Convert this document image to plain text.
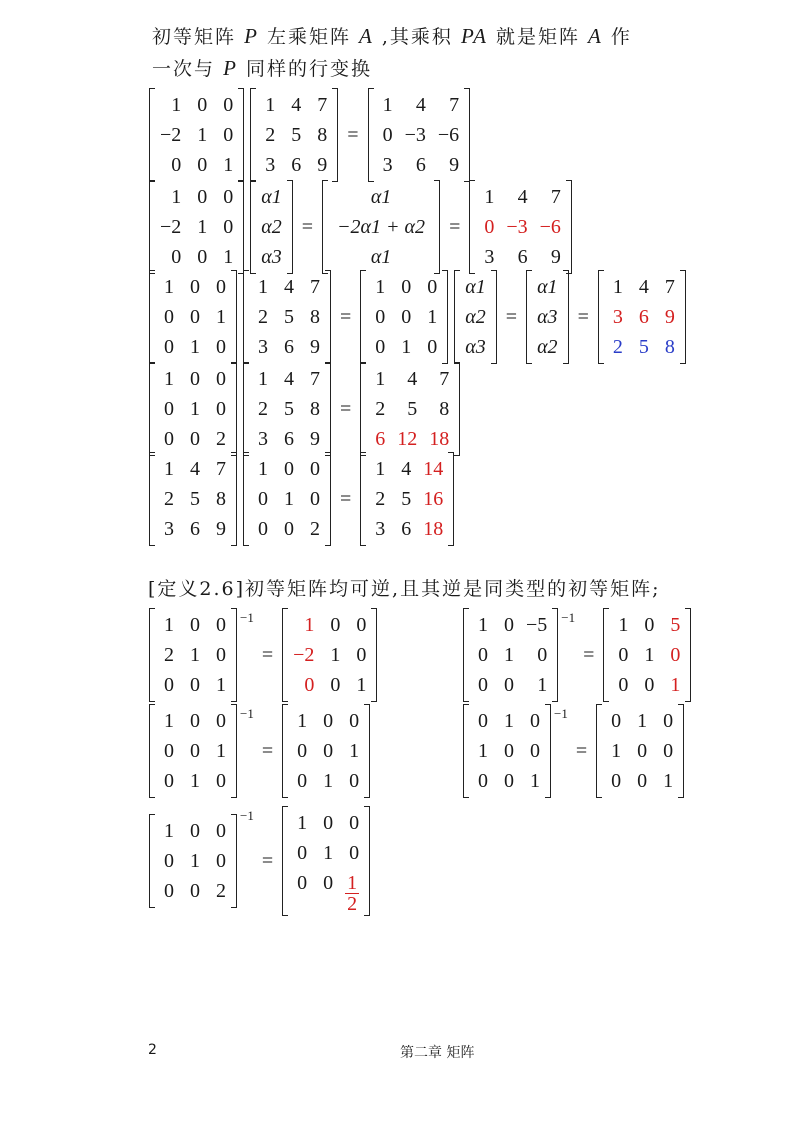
初等矩阵 P 左乘矩阵 A ,其乘积 PA 就是矩阵 A 作
一次与 P 同样的行变换
1 0 0
−2 1 0
0 0 1
1 4 7
2 5 8
3 6 9
=
1	4	7
0 −3 −6
3	6	9
1 0 0
−2 1 0
0 0 1
α1
α2
α3
=
α1
−2α1 + α2
α1
=
1	4	7
0 −3 −6
3	6	9
1 0 0
0 0 1
0 1 0
1 4 7
2 5 8
3 6 9
=
1 0 0
0 0 1
0 1 0
α1
α2
α3
=
α1
α3
α2
=
1 4 7
3 6 9
2 5 8
1 0 0
0 1 0
0 0 2
1 4 7
2 5 8
3 6 9
=
1	4	7
2	5	8
6 12 18
1 4 7
2 5 8
3 6 9
1 0 0
0 1 0
0 0 2
=
1 4 14
2 5 16
3 6 18
[定义2.6]初等矩阵均可逆,且其逆是同类型的初等矩阵;
1 0 0
2 1 0
0 0 1
−1
=
1 0 0
−2 1 0
0 0 1
1 0 −5
0 1	0
0 0	1
−1
=
1 0 5
0 1 0
0 0 1
1 0 0
0 0 1
0 1 0
−1
=
1 0 0
0 0 1
0 1 0
0 1 0
1 0 0
0 0 1
−1
=
0 1 0
1 0 0
0 0 1
1 0 0
0 1 0
0 0 2
−1
=
1 0 0
0 1 0
0 $0 \frac{1}{2}$
2	第二章 矩阵
